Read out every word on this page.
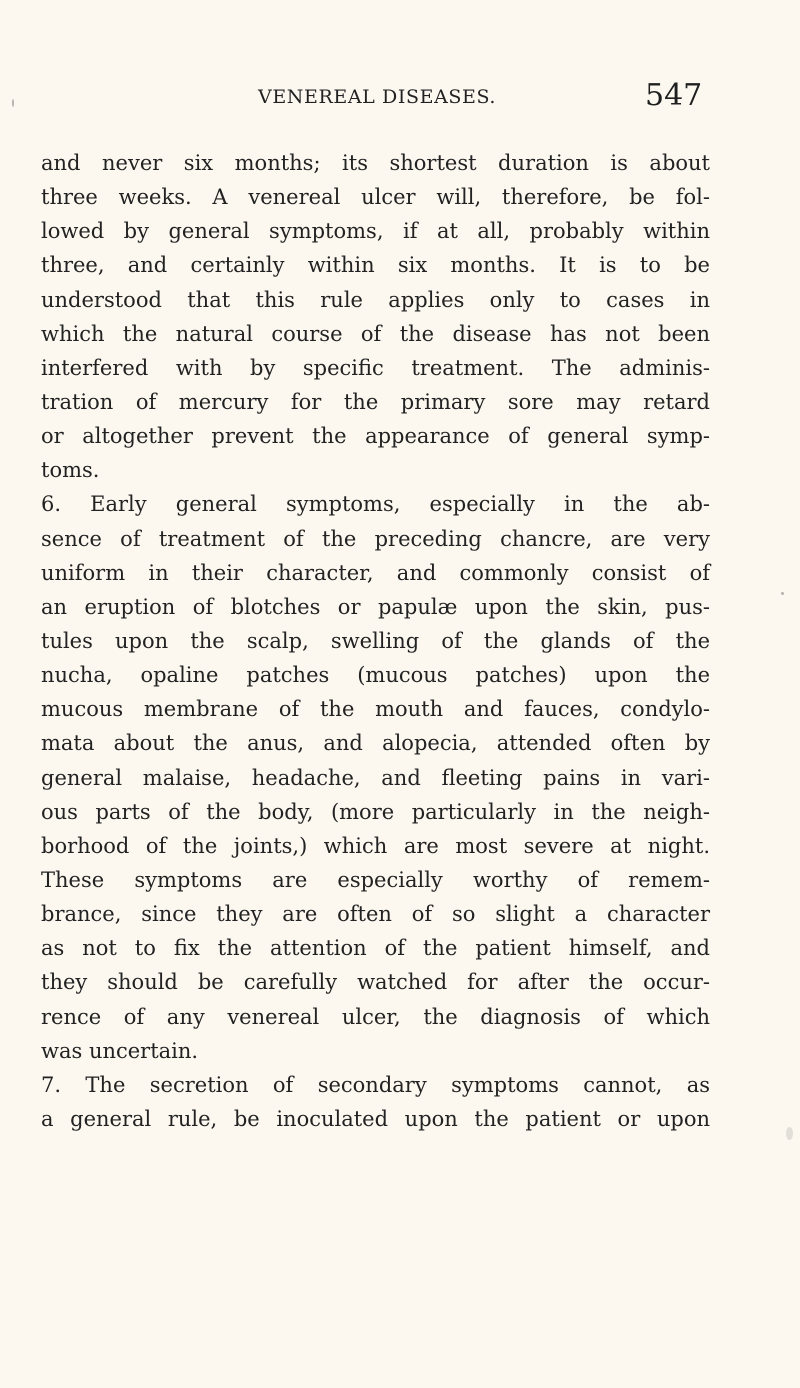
VENEREAL DISEASES.	547
and never six months; its shortest duration is about
three weeks. A venereal ulcer will, therefore, be fol-
lowed by general symptoms, if at all, probably within
three, and certainly within six months. It is to be
understood that this rule applies only to cases in
which the natural course of the disease has not been
interfered with by specific treatment. The adminis-
tration of mercury for the primary sore may retard
or altogether prevent the appearance of general symp-
toms.
6. Early general symptoms, especially in the ab-
sence of treatment of the preceding chancre, are very
uniform in their character, and commonly consist of
an eruption of blotches or papulæ upon the skin, pus-
tules upon the scalp, swelling of the glands of the
nucha, opaline patches (mucous patches) upon the
mucous membrane of the mouth and fauces, condylo-
mata about the anus, and alopecia, attended often by
general malaise, headache, and fleeting pains in vari-
ous parts of the body, (more particularly in the neigh-
borhood of the joints,) which are most severe at night.
These symptoms are especially worthy of remem-
brance, since they are often of so slight a character
as not to fix the attention of the patient himself, and
they should be carefully watched for after the occur-
rence of any venereal ulcer, the diagnosis of which
was uncertain.
7. The secretion of secondary symptoms cannot, as
a general rule, be inoculated upon the patient or upon
